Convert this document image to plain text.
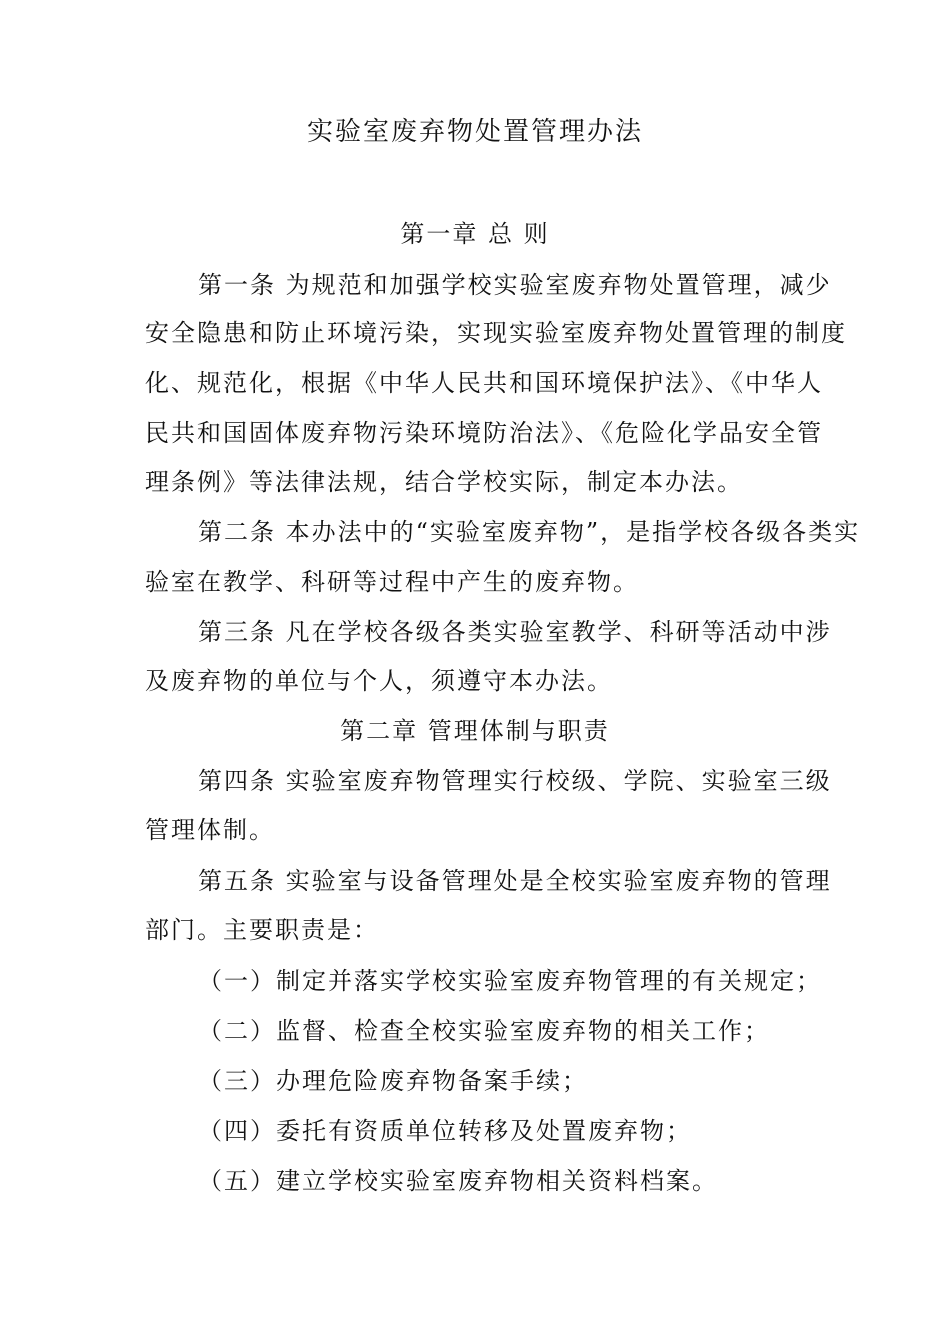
实验室废弃物处置管理办法
第一章 总 则
第一条 为规范和加强学校实验室废弃物处置管理，减少
安全隐患和防止环境污染，实现实验室废弃物处置管理的制度
化、规范化，根据《中华人民共和国环境保护法》、《中华人
民共和国固体废弃物污染环境防治法》、《危险化学品安全管
理条例》等法律法规，结合学校实际，制定本办法。
第二条 本办法中的“实验室废弃物”，是指学校各级各类实
验室在教学、科研等过程中产生的废弃物。
第三条 凡在学校各级各类实验室教学、科研等活动中涉
及废弃物的单位与个人，须遵守本办法。
第二章 管理体制与职责
第四条 实验室废弃物管理实行校级、学院、实验室三级
管理体制。
第五条 实验室与设备管理处是全校实验室废弃物的管理
部门。主要职责是：
（一）制定并落实学校实验室废弃物管理的有关规定；
（二）监督、检查全校实验室废弃物的相关工作；
（三）办理危险废弃物备案手续；
（四）委托有资质单位转移及处置废弃物；
（五）建立学校实验室废弃物相关资料档案。
